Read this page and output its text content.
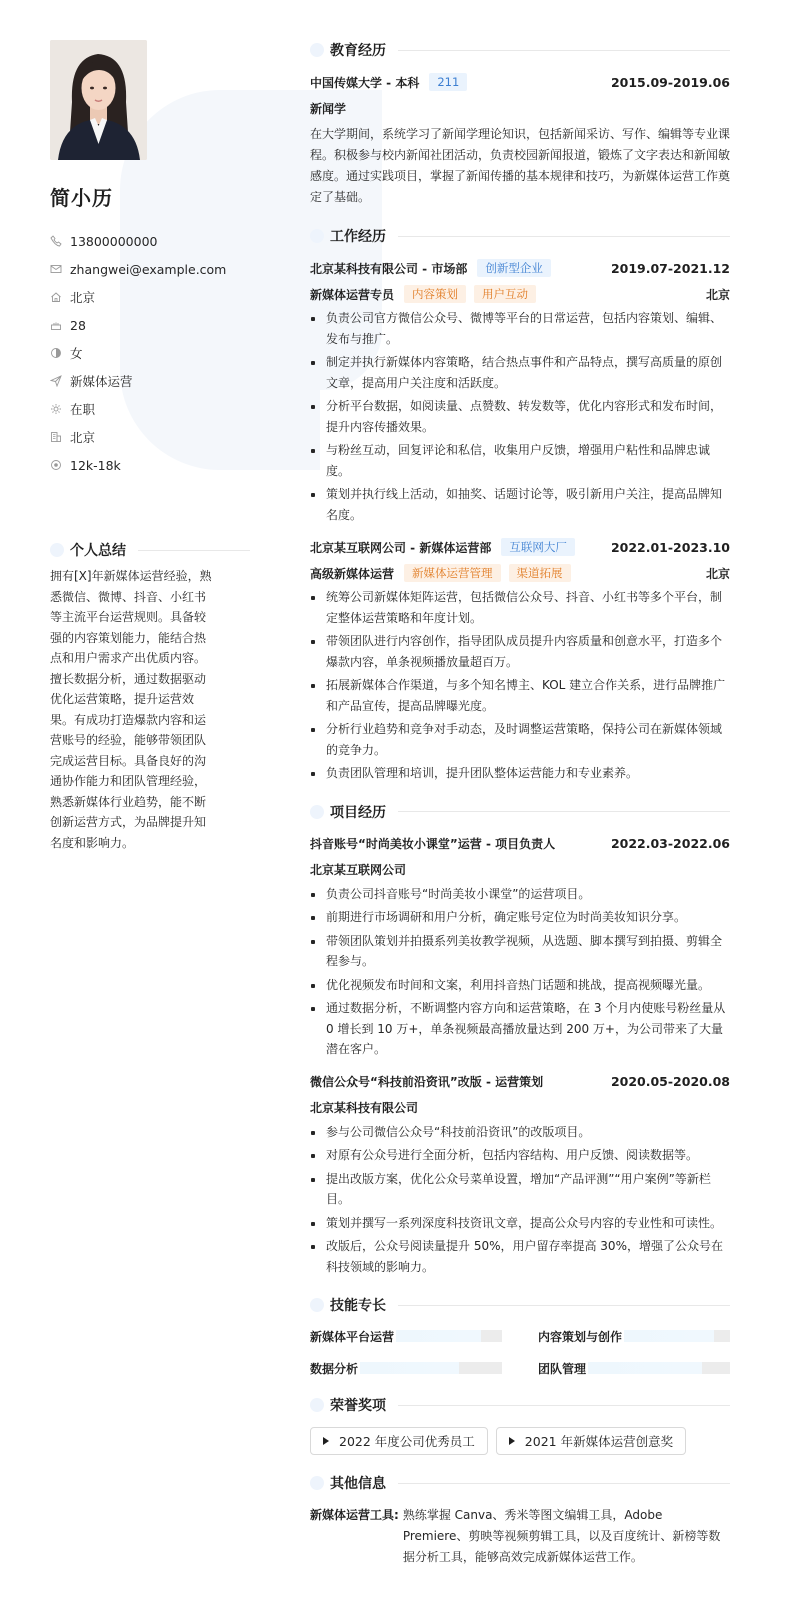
简小历
13800000000
zhangwei@example.com
北京
28
女
新媒体运营
在职
北京
12k-18k
个人总结
拥有[X]年新媒体运营经验，熟悉微信、微博、抖音、小红书等主流平台运营规则。具备较强的内容策划能力，能结合热点和用户需求产出优质内容。擅长数据分析，通过数据驱动优化运营策略，提升运营效果。有成功打造爆款内容和运营账号的经验，能够带领团队完成运营目标。具备良好的沟通协作能力和团队管理经验，熟悉新媒体行业趋势，能不断创新运营方式，为品牌提升知名度和影响力。
教育经历
中国传媒大学 - 本科	211	2015.09-2019.06
新闻学
在大学期间，系统学习了新闻学理论知识，包括新闻采访、写作、编辑等专业课程。积极参与校内新闻社团活动，负责校园新闻报道，锻炼了文字表达和新闻敏感度。通过实践项目，掌握了新闻传播的基本规律和技巧，为新媒体运营工作奠定了基础。
工作经历
北京某科技有限公司 - 市场部	创新型企业	2019.07-2021.12
新媒体运营专员	内容策划	用户互动	北京
负责公司官方微信公众号、微博等平台的日常运营，包括内容策划、编辑、发布与推广。
制定并执行新媒体内容策略，结合热点事件和产品特点，撰写高质量的原创文章，提高用户关注度和活跃度。
分析平台数据，如阅读量、点赞数、转发数等，优化内容形式和发布时间，提升内容传播效果。
与粉丝互动，回复评论和私信，收集用户反馈，增强用户粘性和品牌忠诚度。
策划并执行线上活动，如抽奖、话题讨论等，吸引新用户关注，提高品牌知名度。
北京某互联网公司 - 新媒体运营部	互联网大厂	2022.01-2023.10
高级新媒体运营	新媒体运营管理	渠道拓展	北京
统筹公司新媒体矩阵运营，包括微信公众号、抖音、小红书等多个平台，制定整体运营策略和年度计划。
带领团队进行内容创作，指导团队成员提升内容质量和创意水平，打造多个爆款内容，单条视频播放量超百万。
拓展新媒体合作渠道，与多个知名博主、KOL 建立合作关系，进行品牌推广和产品宣传，提高品牌曝光度。
分析行业趋势和竞争对手动态，及时调整运营策略，保持公司在新媒体领域的竞争力。
负责团队管理和培训，提升团队整体运营能力和专业素养。
项目经历
抖音账号“时尚美妆小课堂”运营 - 项目负责人	2022.03-2022.06
北京某互联网公司
负责公司抖音账号“时尚美妆小课堂”的运营项目。
前期进行市场调研和用户分析，确定账号定位为时尚美妆知识分享。
带领团队策划并拍摄系列美妆教学视频，从选题、脚本撰写到拍摄、剪辑全程参与。
优化视频发布时间和文案，利用抖音热门话题和挑战，提高视频曝光量。
通过数据分析，不断调整内容方向和运营策略，在 3 个月内使账号粉丝量从 0 增长到 10 万+，单条视频最高播放量达到 200 万+，为公司带来了大量潜在客户。
微信公众号“科技前沿资讯”改版 - 运营策划	2020.05-2020.08
北京某科技有限公司
参与公司微信公众号“科技前沿资讯”的改版项目。
对原有公众号进行全面分析，包括内容结构、用户反馈、阅读数据等。
提出改版方案，优化公众号菜单设置，增加“产品评测”“用户案例”等新栏目。
策划并撰写一系列深度科技资讯文章，提高公众号内容的专业性和可读性。
改版后，公众号阅读量提升 50%，用户留存率提高 30%，增强了公众号在科技领域的影响力。
技能专长
新媒体平台运营	内容策划与创作
数据分析	团队管理
荣誉奖项
2022 年度公司优秀员工	2021 年新媒体运营创意奖
其他信息
新媒体运营工具: 熟练掌握 Canva、秀米等图文编辑工具，Adobe Premiere、剪映等视频剪辑工具，以及百度统计、新榜等数据分析工具，能够高效完成新媒体运营工作。
